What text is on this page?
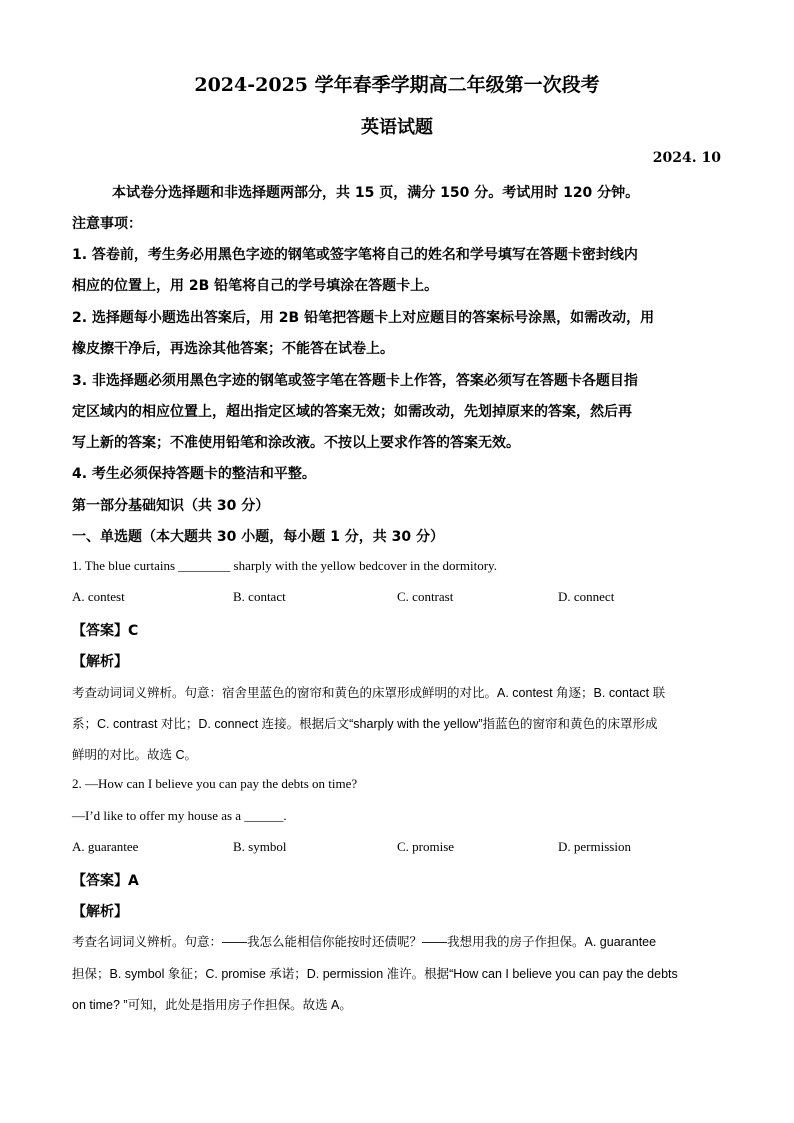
2024-2025 学年春季学期高二年级第一次段考
英语试题
2024. 10
本试卷分选择题和非选择题两部分，共 15 页，满分 150 分。考试用时 120 分钟。
注意事项：
1. 答卷前，考生务必用黑色字迹的钢笔或签字笔将自己的姓名和学号填写在答题卡密封线内
相应的位置上，用 2B 铅笔将自己的学号填涂在答题卡上。
2. 选择题每小题选出答案后，用 2B 铅笔把答题卡上对应题目的答案标号涂黑，如需改动，用
橡皮擦干净后，再选涂其他答案；不能答在试卷上。
3. 非选择题必须用黑色字迹的钢笔或签字笔在答题卡上作答，答案必须写在答题卡各题目指
定区域内的相应位置上，超出指定区域的答案无效；如需改动，先划掉原来的答案，然后再
写上新的答案；不准使用铅笔和涂改液。不按以上要求作答的答案无效。
4. 考生必须保持答题卡的整洁和平整。
第一部分基础知识（共 30 分）
一、单选题（本大题共 30 小题，每小题 1 分，共 30 分）
1. The blue curtains ________ sharply with the yellow bedcover in the dormitory.
A. contest	B. contact	C. contrast	D. connect
【答案】C
【解析】
考查动词词义辨析。句意：宿舍里蓝色的窗帘和黄色的床罩形成鲜明的对比。A. contest 角逐；B. contact 联
系；C. contrast 对比；D. connect 连接。根据后文“sharply with the yellow”指蓝色的窗帘和黄色的床罩形成
鲜明的对比。故选 C。
2. —How can I believe you can pay the debts on time?
—I’d like to offer my house as a ______.
A. guarantee	B. symbol	C. promise	D. permission
【答案】A
【解析】
考查名词词义辨析。句意：——我怎么能相信你能按时还债呢？——我想用我的房子作担保。A. guarantee
担保；B. symbol 象征；C. promise 承诺；D. permission 准许。根据“How can I believe you can pay the debts
on time? ”可知，此处是指用房子作担保。故选 A。
